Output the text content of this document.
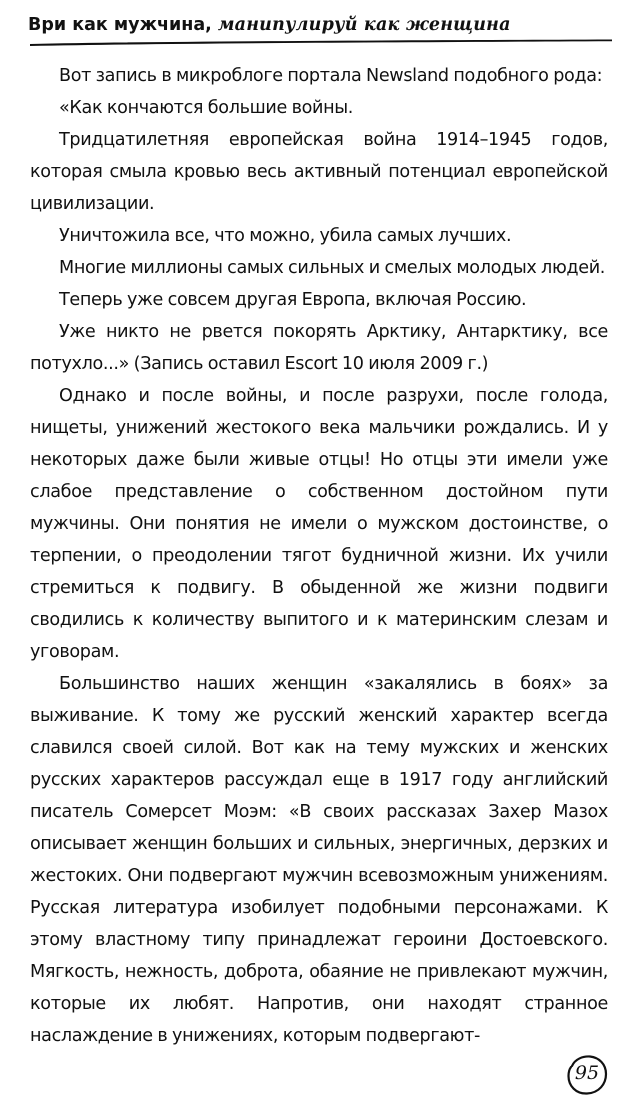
Ври как мужчина, манипулируй как женщина

Вот запись в микроблоге портала Newsland подобного рода:

«Как кончаются большие войны.

Тридцатилетняя европейская война 1914–1945 годов, которая смыла кровью весь активный потенциал европейской цивилизации.

Уничтожила все, что можно, убила самых лучших.

Многие миллионы самых сильных и смелых молодых людей.

Теперь уже совсем другая Европа, включая Россию.

Уже никто не рвется покорять Арктику, Антарктику, все потухло...» (Запись оставил Escort 10 июля 2009 г.)

Однако и после войны, и после разрухи, после голода, нищеты, унижений жестокого века мальчики рождались. И у некоторых даже были живые отцы! Но отцы эти имели уже слабое представление о собственном достойном пути мужчины. Они понятия не имели о мужском достоинстве, о терпении, о преодолении тягот будничной жизни. Их учили стремиться к подвигу. В обыденной же жизни подвиги сводились к количеству выпитого и к материнским слезам и уговорам.

Большинство наших женщин «закалялись в боях» за выживание. К тому же русский женский характер всегда славился своей силой. Вот как на тему мужских и женских русских характеров рассуждал еще в 1917 году английский писатель Сомерсет Моэм: «В своих рассказах Захер Мазох описывает женщин больших и сильных, энергичных, дерзких и жестоких. Они подвергают мужчин всевозможным унижениям. Русская литература изобилует подобными персонажами. К этому властному типу принадлежат героини Достоевского. Мягкость, нежность, доброта, обаяние не привлекают мужчин, которые их любят. Напротив, они находят странное наслаждение в унижениях, которым подвергают-

95
